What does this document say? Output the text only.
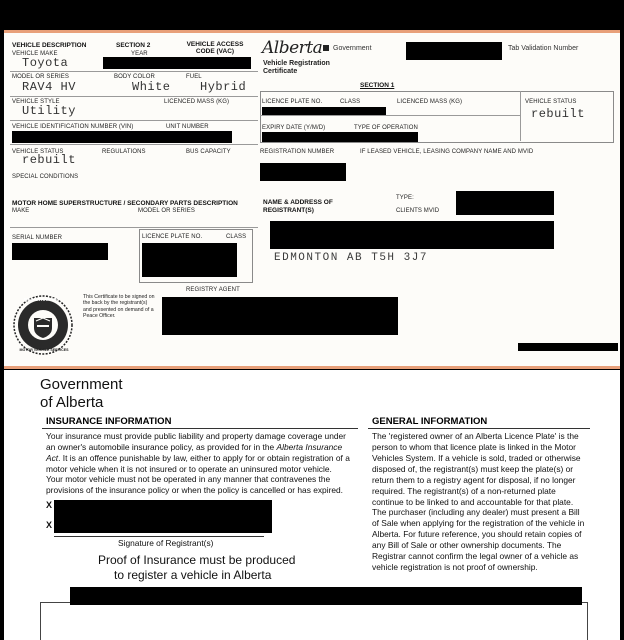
VEHICLE DESCRIPTION	SECTION 2	VEHICLE ACCESS CODE (VAC)	Alberta Government
Vehicle Registration Certificate
Tab Validation Number
VEHICLE MAKE	YEAR
Toyota
MODEL OR SERIES	BODY COLOR	FUEL
RAV4 HV	White Hybrid
VEHICLE STYLE	LICENCED MASS (KG)
Utility
VEHICLE IDENTIFICATION NUMBER (VIN)	UNIT NUMBER
VEHICLE STATUS	REGULATIONS	BUS CAPACITY
rebuilt
SPECIAL CONDITIONS
SECTION 1
LICENCE PLATE NO.	CLASS	LICENCED MASS (KG)	VEHICLE STATUS
rebuilt
EXPIRY DATE (Y/M/D)	TYPE OF OPERATION
REGISTRATION NUMBER	IF LEASED VEHICLE, LEASING COMPANY NAME AND MVID
MOTOR HOME SUPERSTRUCTURE / SECONDARY PARTS DESCRIPTION
MAKE	MODEL OR SERIES
SERIAL NUMBER	LICENCE PLATE NO.	CLASS
NAME & ADDRESS OF REGISTRANT(S)
TYPE:
CLIENTS MVID
EDMONTON AB T5H 3J7
REGISTRY AGENT
REGISTRAR OF
MOTOR VEHICLE SERVICES
This Certificate to be signed on the back by the registrant(s) and presented on demand of a Peace Officer.
Government
of Alberta
INSURANCE INFORMATION
Your insurance must provide public liability and property damage coverage under an owner's automobile insurance policy, as provided for in the Alberta Insurance Act. It is an offence punishable by law, either to apply for or obtain registration of a motor vehicle when it is not insured or to operate an uninsured motor vehicle.
Your motor vehicle must not be operated in any manner that contravenes the provisions of the insurance policy or when the policy is cancelled or has expired.
X
X
Signature of Registrant(s)
Proof of Insurance must be produced
to register a vehicle in Alberta
GENERAL INFORMATION
The 'registered owner of an Alberta Licence Plate' is the person to whom that licence plate is linked in the Motor Vehicles System. If a vehicle is sold, traded or otherwise disposed of, the registrant(s) must keep the plate(s) or return them to a registry agent for disposal, if no longer required. The registrant(s) of a non-returned plate continue to be linked to and accountable for that plate.
The purchaser (including any dealer) must present a Bill of Sale when applying for the registration of the vehicle in Alberta. For future reference, you should retain copies of any Bill of Sale or other ownership documents. The Registrar cannot confirm the legal owner of a vehicle as vehicle registration is not proof of ownership.
